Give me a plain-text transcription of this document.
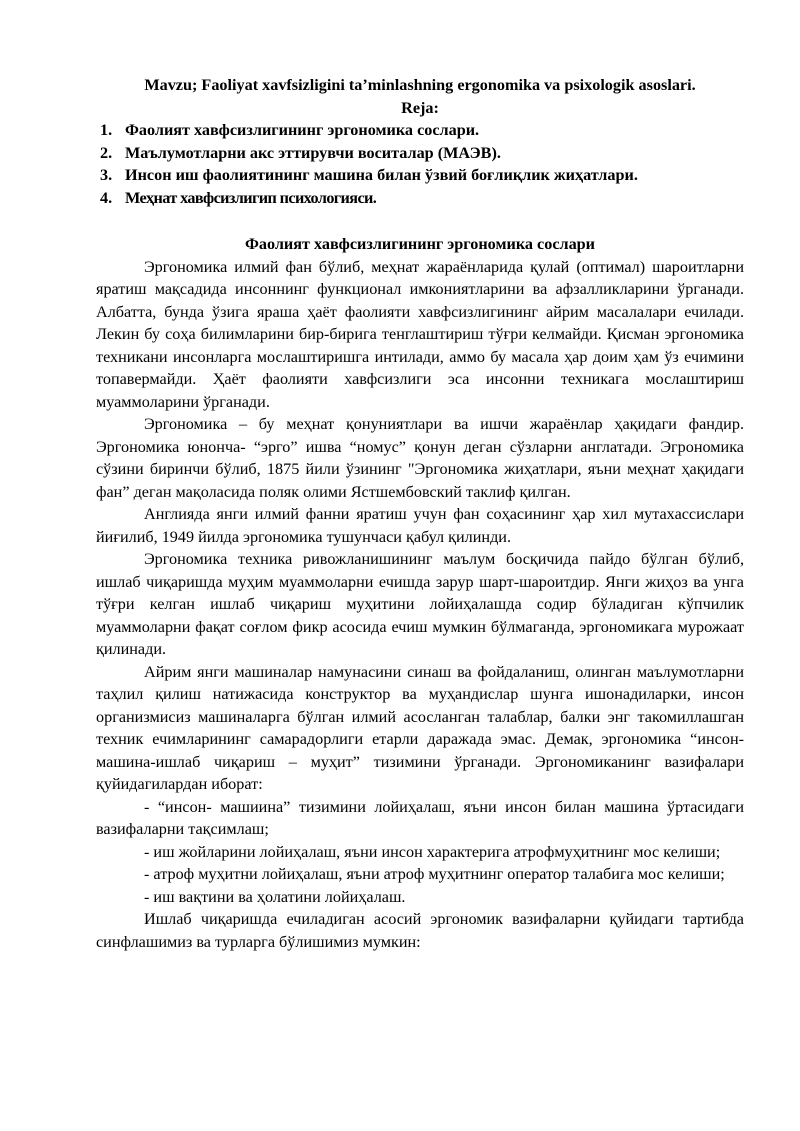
Mavzu; Faoliyat xavfsizligini ta’minlashning ergonomika va psixologik asoslari.

Reja:

1. Фаолият хавфсизлигининг эргономика сослари.
2. Маълумотларни акс эттирувчи воситалар (МАЭВ).
3. Инсон иш фаолиятининг машина билан ўзвий боғлиқлик жиҳатлари.
4. Меҳнат хавфсизлигип психологияси.

Фаолият хавфсизлигининг эргономика сослари

Эргономика илмий фан бўлиб, меҳнат жараёнларида қулай (оптимал) шароитларни яратиш мақсадида инсоннинг функционал имкониятларини ва афзалликларини ўрганади. Албатта, бунда ўзига яраша ҳаёт фаолияти хавфсизлигининг айрим масалалари ечилади. Лекин бу соҳа билимларини бир-бирига тенглаштириш тўғри келмайди. Қисман эргономика техникани инсонларга мослаштиришга интилади, аммо бу масала ҳар доим ҳам ўз ечимини топавермайди. Ҳаёт фаолияти хавфсизлиги эса инсонни техникага мослаштириш муаммоларини ўрганади.

Эргономика – бу меҳнат қонуниятлари ва ишчи жараёнлар ҳақидаги фандир. Эргономика юнонча- “эрго” ишва “номус” қонун деган сўзларни англатади. Эгрономика сўзини биринчи бўлиб, 1875 йили ўзининг "Эргономика жиҳатлари, яъни меҳнат ҳақидаги фан” деган мақоласида поляк олими Ястшембовский таклиф қилган.

Англияда янги илмий фанни яратиш учун фан соҳасининг ҳар хил мутахассислари йиғилиб, 1949 йилда эргономика тушунчаси қабул қилинди.

Эргономика техника ривожланишининг маълум босқичида пайдо бўлган бўлиб, ишлаб чиқаришда муҳим муаммоларни ечишда зарур шарт-шароитдир. Янги жиҳоз ва унга тўғри келган ишлаб чиқариш муҳитини лойиҳалашда содир бўладиган кўпчилик муаммоларни фақат соғлом фикр асосида ечиш мумкин бўлмаганда, эргономикага мурожаат қилинади.

Айрим янги машиналар намунасини синаш ва фойдаланиш, олинган маълумотларни таҳлил қилиш натижасида конструктор ва муҳандислар шунга ишонадиларки, инсон организмисиз машиналарга бўлган илмий асосланган талаблар, балки энг такомиллашган техник ечимларининг самарадорлиги етарли даражада эмас. Демак, эргономика “инсон-машина-ишлаб чиқариш – муҳит” тизимини ўрганади. Эргономиканинг вазифалари қуйидагилардан иборат:

- “инсон- машиина” тизимини лойиҳалаш, яъни инсон билан машина ўртасидаги вазифаларни тақсимлаш;

- иш жойларини лойиҳалаш, яъни инсон характерига атрофмуҳитнинг мос келиши;

- атроф муҳитни лойиҳалаш, яъни атроф муҳитнинг оператор талабига мос келиши;

- иш вақтини ва ҳолатини лойиҳалаш.

Ишлаб чиқаришда ечиладиган асосий эргономик вазифаларни қуйидаги тартибда синфлашимиз ва турларга бўлишимиз мумкин:
